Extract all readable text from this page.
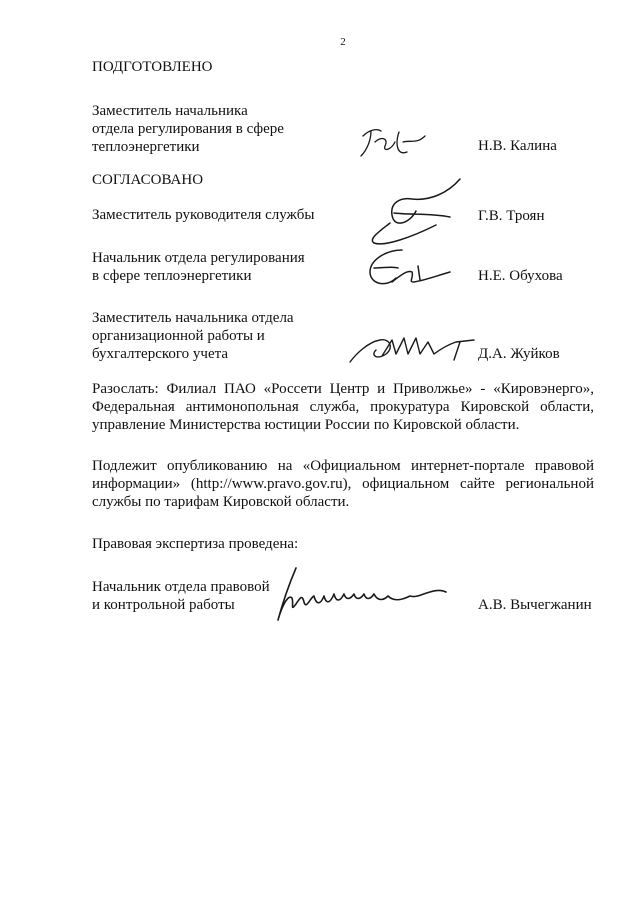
2
ПОДГОТОВЛЕНО
Заместитель начальника
отдела регулирования в сфере
теплоэнергетики	Н.В. Калина
СОГЛАСОВАНО
Заместитель руководителя службы	Г.В. Троян
Начальник отдела регулирования
в сфере теплоэнергетики	Н.Е. Обухова
Заместитель начальника отдела
организационной работы и
бухгалтерского учета	Д.А. Жуйков
Разослать: Филиал ПАО «Россети Центр и Приволжье» - «Кировэнерго», Федеральная антимонопольная служба, прокуратура Кировской области, управление Министерства юстиции России по Кировской области.
Подлежит опубликованию на «Официальном интернет-портале правовой информации» (http://www.pravo.gov.ru), официальном сайте региональной службы по тарифам Кировской области.
Правовая экспертиза проведена:
Начальник отдела правовой
и контрольной работы	А.В. Вычегжанин
